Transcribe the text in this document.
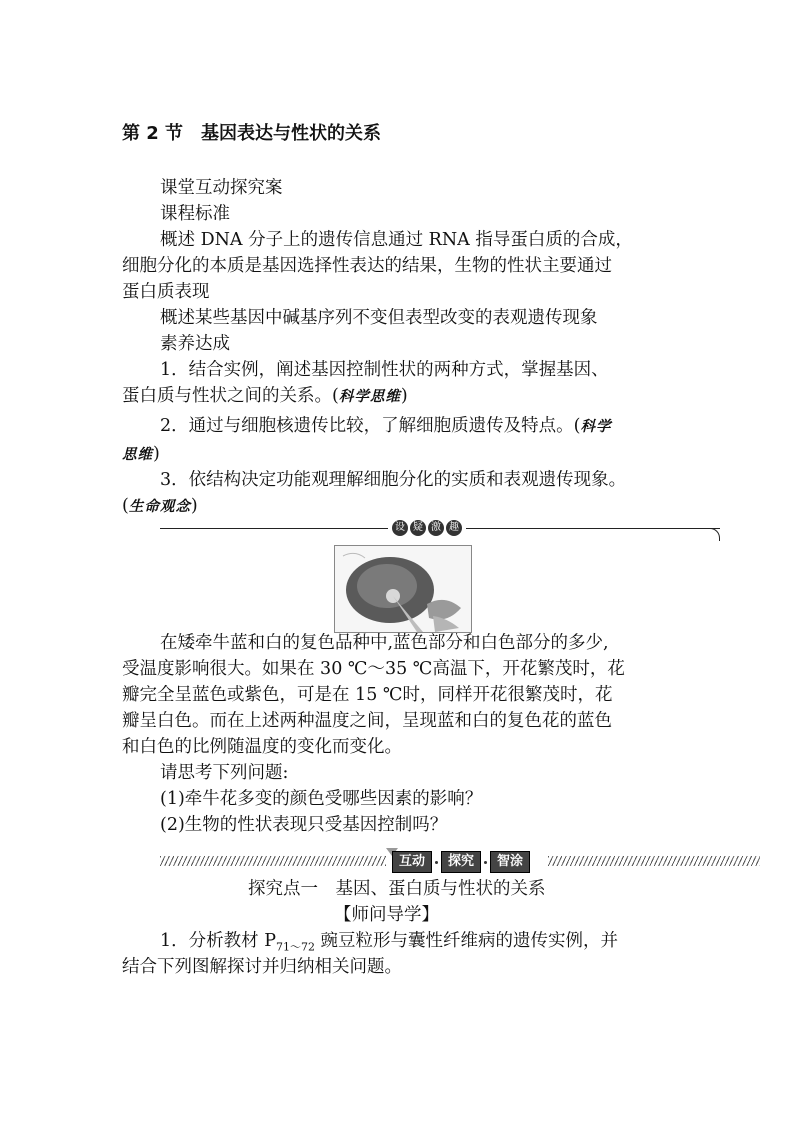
第 2 节　基因表达与性状的关系
课堂互动探究案
课程标准
概述 DNA 分子上的遗传信息通过 RNA 指导蛋白质的合成，
细胞分化的本质是基因选择性表达的结果，生物的性状主要通过
蛋白质表现
概述某些基因中碱基序列不变但表型改变的表观遗传现象
素养达成
1．结合实例，阐述基因控制性状的两种方式，掌握基因、
蛋白质与性状之间的关系。(科学思维)
2．通过与细胞核遗传比较，了解细胞质遗传及特点。(科学
思维)
3．依结构决定功能观理解细胞分化的实质和表观遗传现象。
(生命观念)
设 疑 激 趣
在矮牵牛蓝和白的复色品种中,蓝色部分和白色部分的多少,
受温度影响很大。如果在 30 ℃～35 ℃高温下，开花繁茂时，花
瓣完全呈蓝色或紫色，可是在 15 ℃时，同样开花很繁茂时，花
瓣呈白色。而在上述两种温度之间，呈现蓝和白的复色花的蓝色
和白色的比例随温度的变化而变化。
请思考下列问题:
(1)牵牛花多变的颜色受哪些因素的影响？
(2)生物的性状表现只受基因控制吗？
互动	探究	智涂
探究点一　基因、蛋白质与性状的关系
【师问导学】
1．分析教材 $P_{71\sim 72}$ 豌豆粒形与囊性纤维病的遗传实例，并
结合下列图解探讨并归纳相关问题。
